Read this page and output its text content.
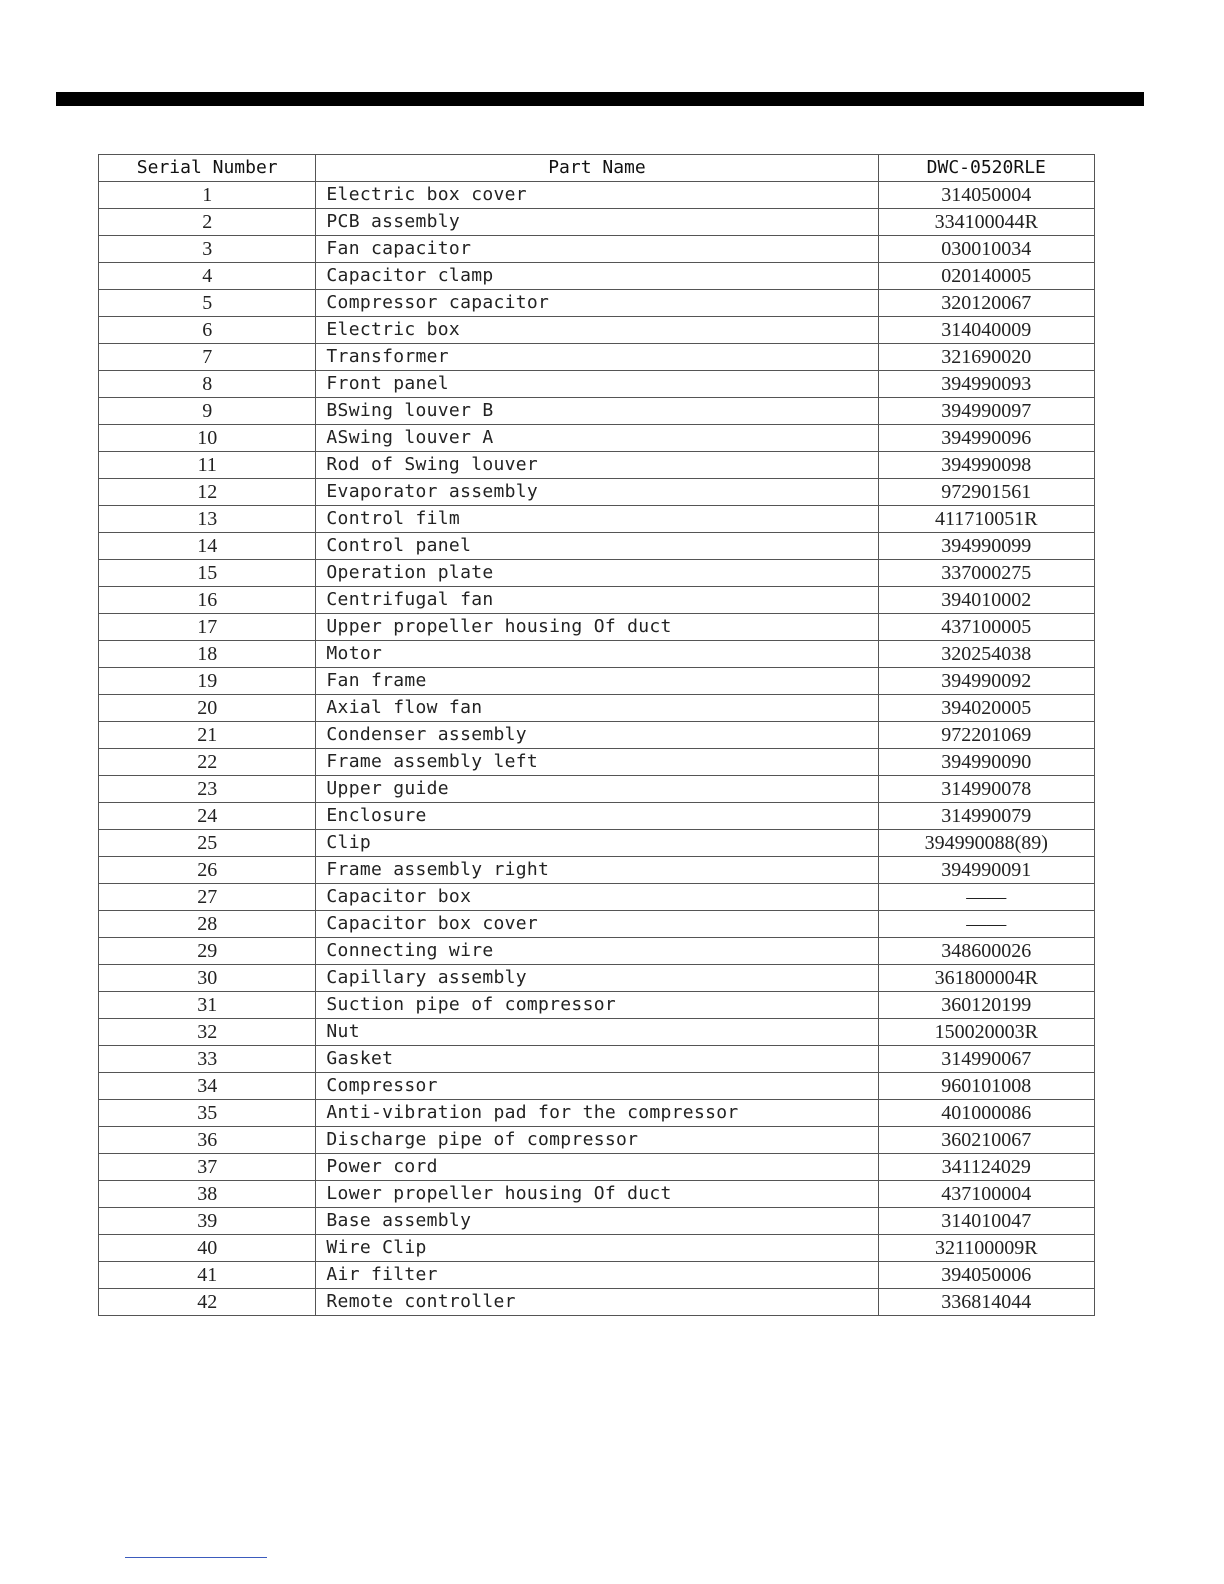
Serial Number	Part Name	DWC-0520RLE
1	Electric box cover	314050004
2	PCB assembly	334100044R
3	Fan capacitor	030010034
4	Capacitor clamp	020140005
5	Compressor capacitor	320120067
6	Electric box	314040009
7	Transformer	321690020
8	Front panel	394990093
9	BSwing louver B	394990097
10	ASwing louver A	394990096
11	Rod of Swing louver	394990098
12	Evaporator assembly	972901561
13	Control film	411710051R
14	Control panel	394990099
15	Operation plate	337000275
16	Centrifugal fan	394010002
17	Upper propeller housing Of duct	437100005
18	Motor	320254038
19	Fan frame	394990092
20	Axial flow fan	394020005
21	Condenser assembly	972201069
22	Frame assembly left	394990090
23	Upper guide	314990078
24	Enclosure	314990079
25	Clip	394990088(89)
26	Frame assembly right	394990091
27	Capacitor box	——
28	Capacitor box cover	——
29	Connecting wire	348600026
30	Capillary assembly	361800004R
31	Suction pipe of compressor	360120199
32	Nut	150020003R
33	Gasket	314990067
34	Compressor	960101008
35	Anti-vibration pad for the compressor	401000086
36	Discharge pipe of compressor	360210067
37	Power cord	341124029
38	Lower propeller housing Of duct	437100004
39	Base assembly	314010047
40	Wire Clip	321100009R
41	Air filter	394050006
42	Remote controller	336814044
